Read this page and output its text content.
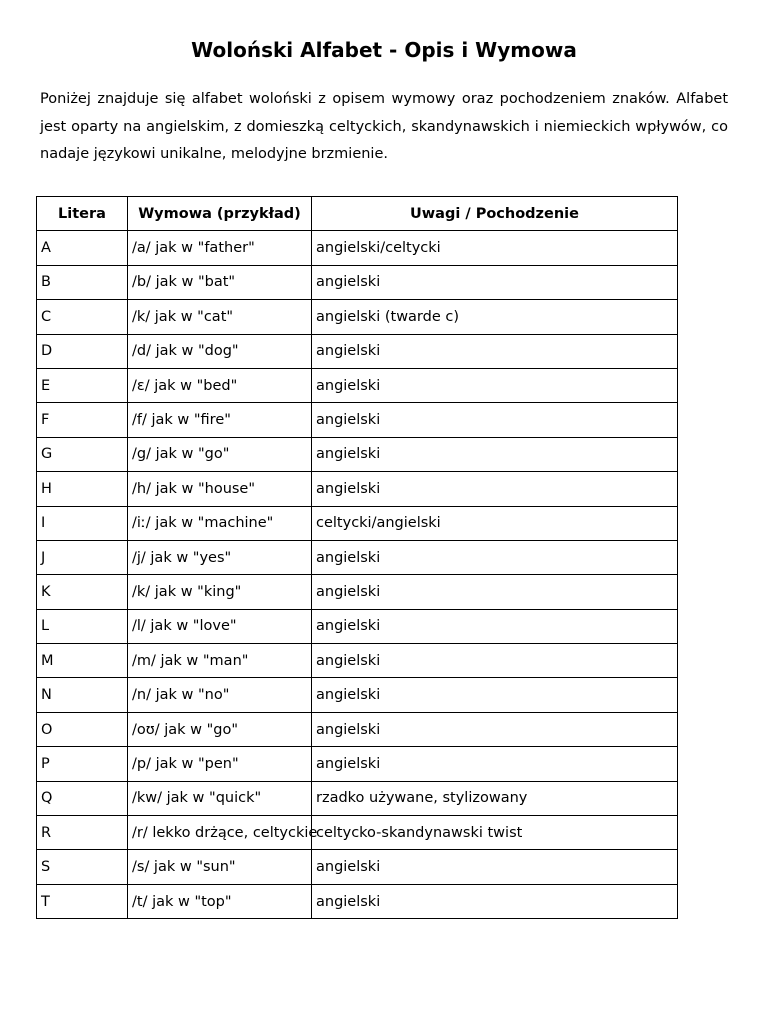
Woloński Alfabet - Opis i Wymowa

Poniżej znajduje się alfabet woloński z opisem wymowy oraz pochodzeniem znaków. Alfabet jest oparty na angielskim, z domieszką celtyckich, skandynawskich i niemieckich wpływów, co nadaje językowi unikalne, melodyjne brzmienie.

Litera	Wymowa (przykład)	Uwagi / Pochodzenie
A	/a/ jak w "father"	angielski/celtycki
B	/b/ jak w "bat"	angielski
C	/k/ jak w "cat"	angielski (twarde c)
D	/d/ jak w "dog"	angielski
E	/ɛ/ jak w "bed"	angielski
F	/f/ jak w "fire"	angielski
G	/g/ jak w "go"	angielski
H	/h/ jak w "house"	angielski
I	/iː/ jak w "machine"	celtycki/angielski
J	/j/ jak w "yes"	angielski
K	/k/ jak w "king"	angielski
L	/l/ jak w "love"	angielski
M	/m/ jak w "man"	angielski
N	/n/ jak w "no"	angielski
O	/oʊ/ jak w "go"	angielski
P	/p/ jak w "pen"	angielski
Q	/kw/ jak w "quick"	rzadko używane, stylizowany
R	/r/ lekko drżące, celtyckie	celtycko-skandynawski twist
S	/s/ jak w "sun"	angielski
T	/t/ jak w "top"	angielski
